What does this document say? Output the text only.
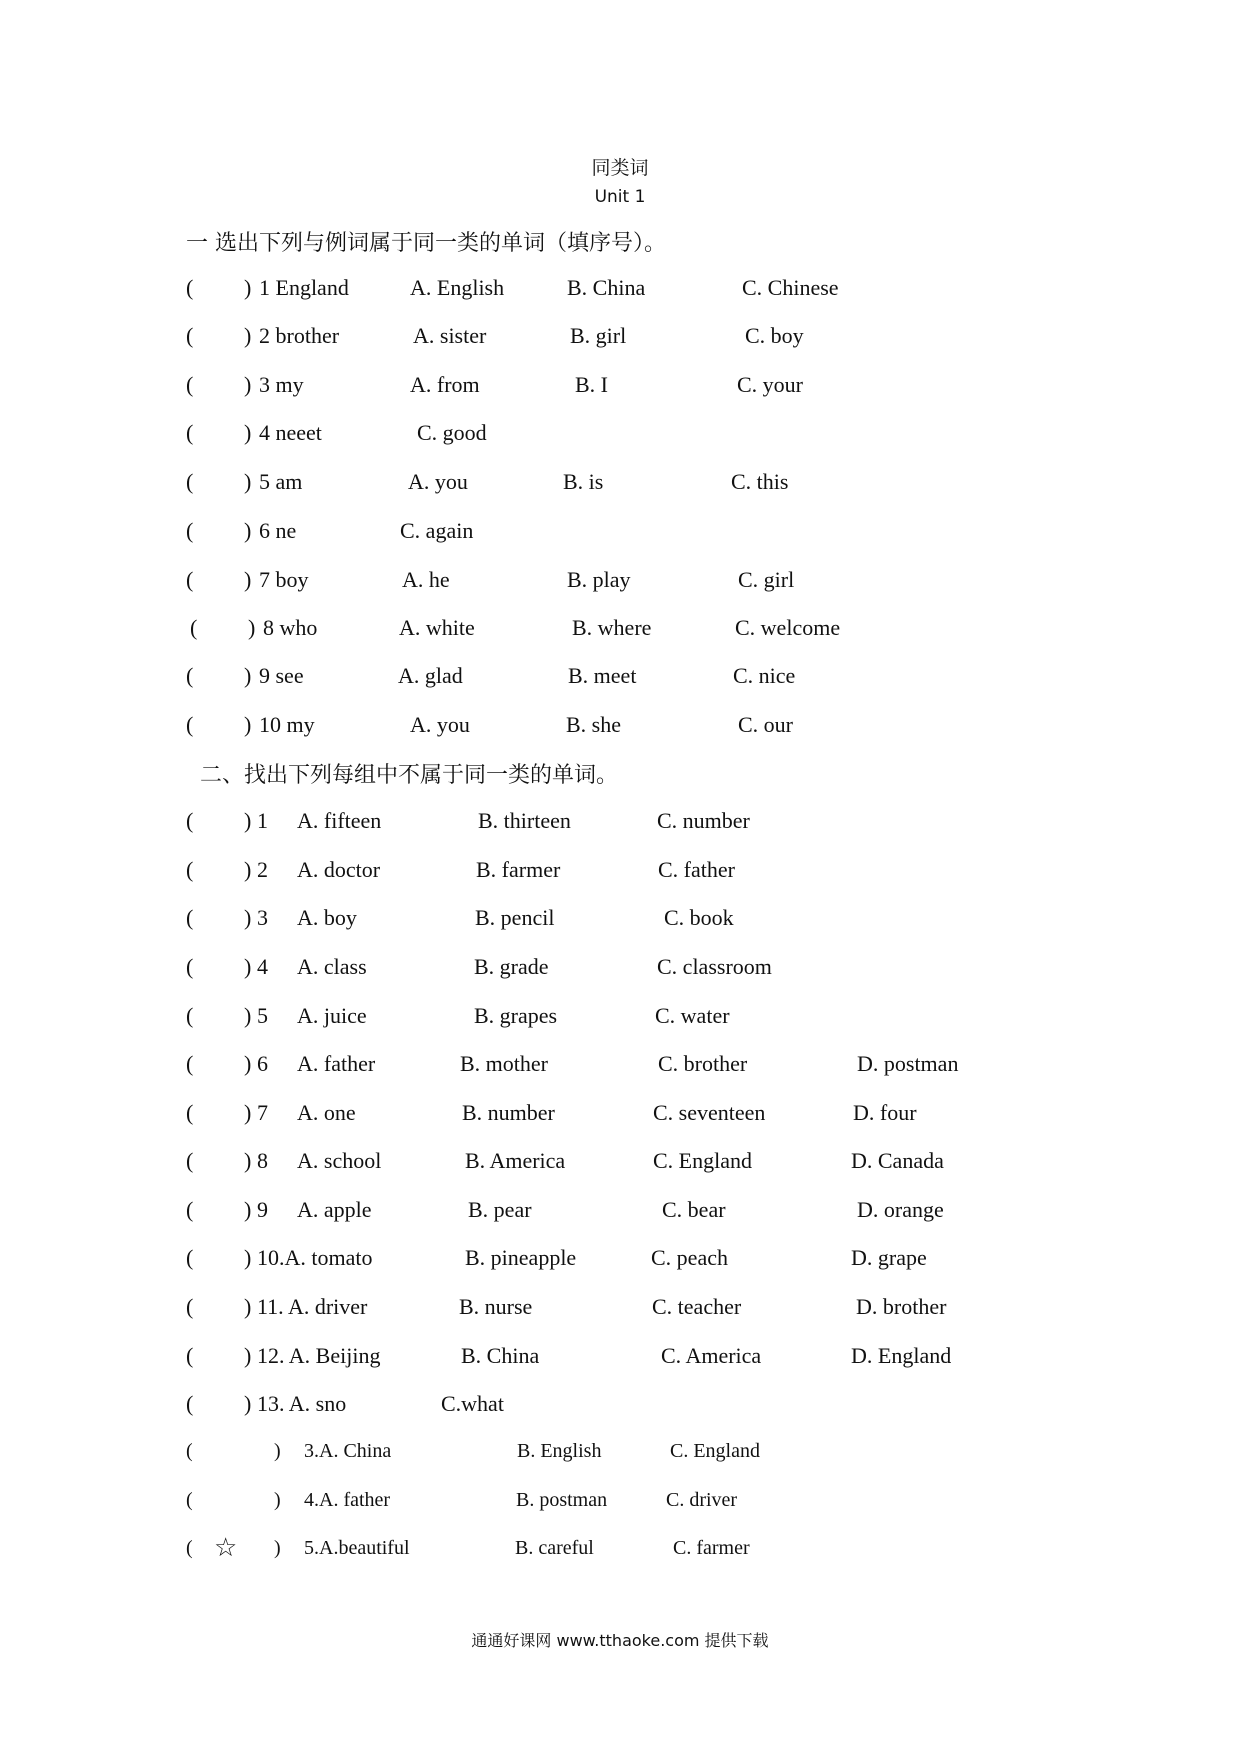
同类词
Unit 1
一 选出下列与例词属于同一类的单词（填序号）。
( ) 1 England	A. English	B. China	C. Chinese
( ) 2 brother	A. sister	B. girl	C. boy
( ) 3 my	A. from	B. I	C. your
( ) 4 neeet	C. good
( ) 5 am	A. you	B. is	C. this
( ) 6 ne	C. again
( ) 7 boy	A. he	B. play	C. girl
( ) 8 who	A. white	B. where	C. welcome
( ) 9 see	A. glad	B. meet	C. nice
( ) 10 my	A. you	B. she	C. our
二、找出下列每组中不属于同一类的单词。
( ) 1 A. fifteen	B. thirteen	C. number
( ) 2 A. doctor	B. farmer	C. father
( ) 3 A. boy	B. pencil	C. book
( ) 4 A. class	B. grade	C. classroom
( ) 5 A. juice	B. grapes	C. water
( ) 6 A. father	B. mother	C. brother	D. postman
( ) 7 A. one	B. number	C. seventeen	D. four
( ) 8 A. school	B. America	C. England	D. Canada
( ) 9 A. apple	B. pear	C. bear	D. orange
( ) 10.A. tomato	B. pineapple	C. peach	D. grape
( ) 11. A. driver	B. nurse	C. teacher	D. brother
( ) 12. A. Beijing	B. China	C. America	D. England
( ) 13. A. sno	C.what
(	) 3.A. China	B. English	C. England
(	) 4.A. father	B. postman	C. driver
( ☆ ) 5.A.beautiful	B. careful	C. farmer
通通好课网 www.tthaoke.com 提供下载
